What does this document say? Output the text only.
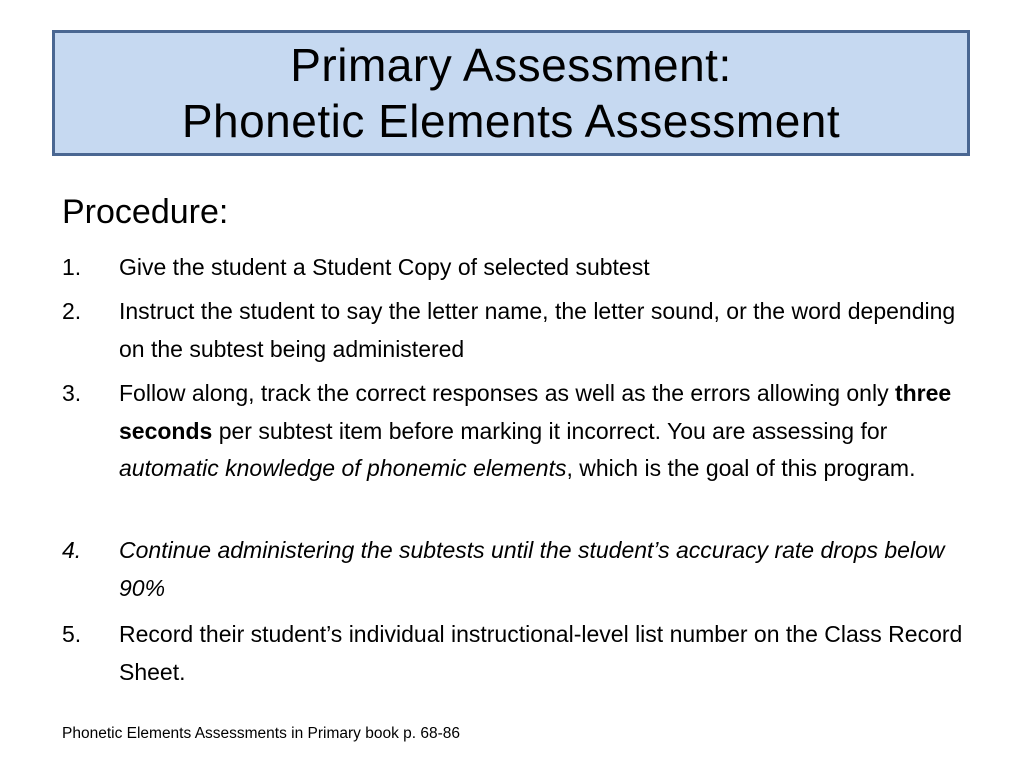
Primary Assessment:
Phonetic Elements Assessment
Procedure:
1.	Give the student a Student Copy of selected subtest
2.	Instruct the student to say the letter name, the letter sound, or the word depending on the subtest being administered
3.	Follow along, track the correct responses as well as the errors allowing only three seconds per subtest item before marking it incorrect. You are assessing for automatic knowledge of phonemic elements, which is the goal of this program.
4.	Continue administering the subtests until the student’s accuracy rate drops below 90%
5.	Record their student’s individual instructional-level list number on the Class Record Sheet.
Phonetic Elements Assessments in Primary book p. 68-86
